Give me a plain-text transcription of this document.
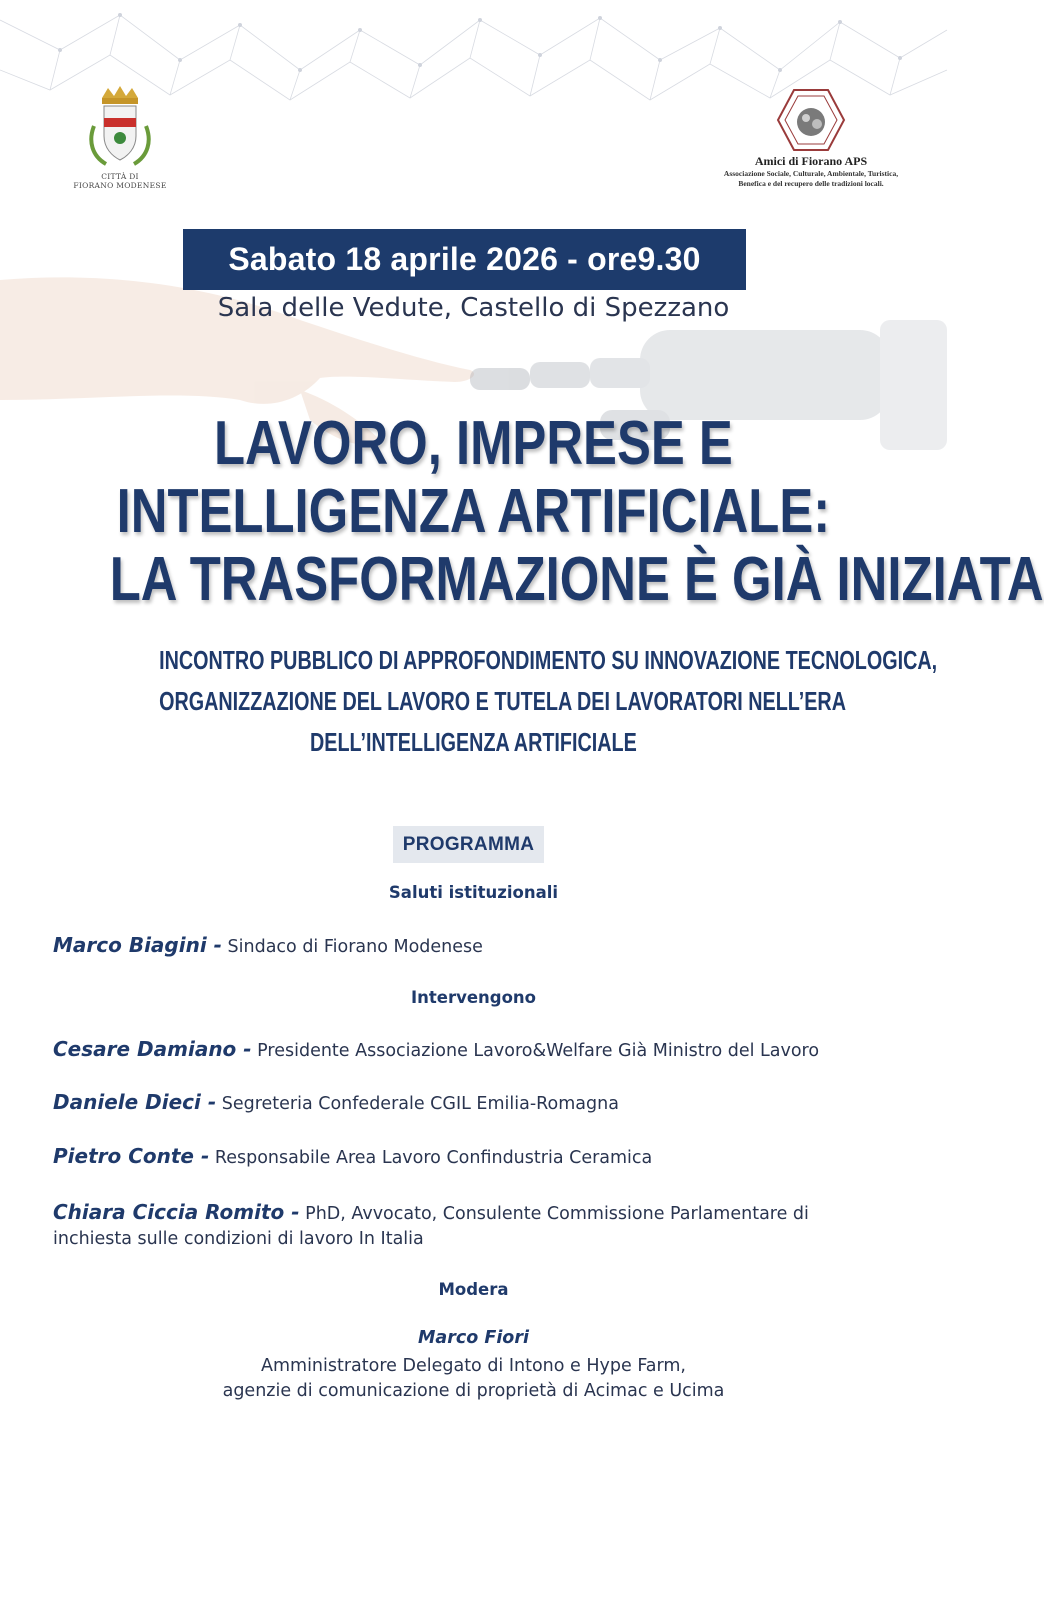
CITTÀ DI
FIORANO MODENESE
Amici di Fiorano APS
Associazione Sociale, Culturale, Ambientale, Turistica,
Benefica e del recupero delle tradizioni locali.
Sabato 18 aprile 2026 - ore9.30
Sala delle Vedute, Castello di Spezzano
LAVORO, IMPRESE E
INTELLIGENZA ARTIFICIALE:
LA TRASFORMAZIONE È GIÀ INIZIATA
INCONTRO PUBBLICO DI APPROFONDIMENTO SU INNOVAZIONE TECNOLOGICA,
ORGANIZZAZIONE DEL LAVORO E TUTELA DEI LAVORATORI NELL’ERA
DELL’INTELLIGENZA ARTIFICIALE
PROGRAMMA
Saluti istituzionali
Marco Biagini - Sindaco di Fiorano Modenese
Intervengono
Cesare Damiano - Presidente Associazione Lavoro&Welfare Già Ministro del Lavoro
Daniele Dieci - Segreteria Confederale CGIL Emilia-Romagna
Pietro Conte - Responsabile Area Lavoro Confindustria Ceramica
Chiara Ciccia Romito - PhD, Avvocato, Consulente Commissione Parlamentare di inchiesta sulle condizioni di lavoro In Italia
Modera
Marco Fiori
Amministratore Delegato di Intono e Hype Farm,
agenzie di comunicazione di proprietà di Acimac e Ucima
